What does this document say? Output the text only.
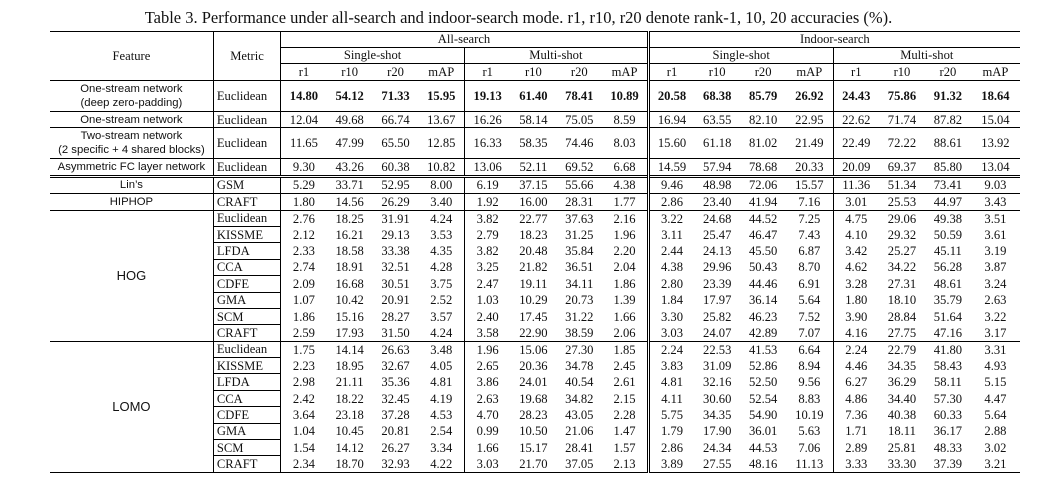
Table 3. Performance under all-search and indoor-search mode. r1, r10, r20 denote rank-1, 10, 20 accuracies (%).
Feature	Metric	All-search								Indoor-search							
		Single-shot				Multi-shot				Single-shot				Multi-shot			
		r1	r10	r20	mAP	r1	r10	r20	mAP	r1	r10	r20	mAP	r1	r10	r20	mAP

One-stream network
(deep zero-padding)	Euclidean	14.80	54.12	71.33	15.95	19.13	61.40	78.41	10.89	20.58	68.38	85.79	26.92	24.43	75.86	91.32	18.64

One-stream network	Euclidean	12.04	49.68	66.74	13.67	16.26	58.14	75.05	8.59	16.94	63.55	82.10	22.95	22.62	71.74	87.82	15.04

Two-stream network
(2 specific + 4 shared blocks)	Euclidean	11.65	47.99	65.50	12.85	16.33	58.35	74.46	8.03	15.60	61.18	81.02	21.49	22.49	72.22	88.61	13.92

Asymmetric FC layer network	Euclidean	9.30	43.26	60.38	10.82	13.06	52.11	69.52	6.68	14.59	57.94	78.68	20.33	20.09	69.37	85.80	13.04

Lin’s	GSM	5.29	33.71	52.95	8.00	6.19	37.15	55.66	4.38	9.46	48.98	72.06	15.57	11.36	51.34	73.41	9.03

HIPHOP	CRAFT	1.80	14.56	26.29	3.40	1.92	16.00	28.31	1.77	2.86	23.40	41.94	7.16	3.01	25.53	44.97	3.43
HOG	Euclidean	2.76	18.25	31.91	4.24	3.82	22.77	37.63	2.16	3.22	24.68	44.52	7.25	4.75	29.06	49.38	3.51
	KISSME	2.12	16.21	29.13	3.53	2.79	18.23	31.25	1.96	3.11	25.47	46.47	7.43	4.10	29.32	50.59	3.61
	LFDA	2.33	18.58	33.38	4.35	3.82	20.48	35.84	2.20	2.44	24.13	45.50	6.87	3.42	25.27	45.11	3.19
	CCA	2.74	18.91	32.51	4.28	3.25	21.82	36.51	2.04	4.38	29.96	50.43	8.70	4.62	34.22	56.28	3.87
	CDFE	2.09	16.68	30.51	3.75	2.47	19.11	34.11	1.86	2.80	23.39	44.46	6.91	3.28	27.31	48.61	3.24
	GMA	1.07	10.42	20.91	2.52	1.03	10.29	20.73	1.39	1.84	17.97	36.14	5.64	1.80	18.10	35.79	2.63
	SCM	1.86	15.16	28.27	3.57	2.40	17.45	31.22	1.66	3.30	25.82	46.23	7.52	3.90	28.84	51.64	3.22
	CRAFT	2.59	17.93	31.50	4.24	3.58	22.90	38.59	2.06	3.03	24.07	42.89	7.07	4.16	27.75	47.16	3.17
LOMO	Euclidean	1.75	14.14	26.63	3.48	1.96	15.06	27.30	1.85	2.24	22.53	41.53	6.64	2.24	22.79	41.80	3.31
	KISSME	2.23	18.95	32.67	4.05	2.65	20.36	34.78	2.45	3.83	31.09	52.86	8.94	4.46	34.35	58.43	4.93
	LFDA	2.98	21.11	35.36	4.81	3.86	24.01	40.54	2.61	4.81	32.16	52.50	9.56	6.27	36.29	58.11	5.15
	CCA	2.42	18.22	32.45	4.19	2.63	19.68	34.82	2.15	4.11	30.60	52.54	8.83	4.86	34.40	57.30	4.47
	CDFE	3.64	23.18	37.28	4.53	4.70	28.23	43.05	2.28	5.75	34.35	54.90	10.19	7.36	40.38	60.33	5.64
	GMA	1.04	10.45	20.81	2.54	0.99	10.50	21.06	1.47	1.79	17.90	36.01	5.63	1.71	18.11	36.17	2.88
	SCM	1.54	14.12	26.27	3.34	1.66	15.17	28.41	1.57	2.86	24.34	44.53	7.06	2.89	25.81	48.33	3.02
	CRAFT	2.34	18.70	32.93	4.22	3.03	21.70	37.05	2.13	3.89	27.55	48.16	11.13	3.33	33.30	37.39	3.21
